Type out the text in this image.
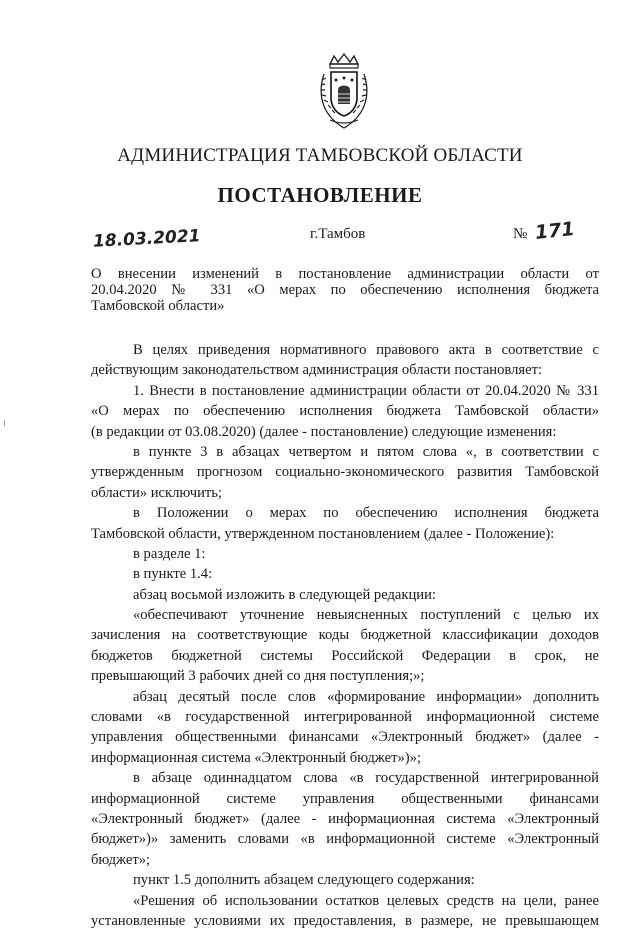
АДМИНИСТРАЦИЯ ТАМБОВСКОЙ ОБЛАСТИ
ПОСТАНОВЛЕНИЕ
18.03.2021	г.Тамбов	№ 171
О внесении изменений в постановление администрации области от
20.04.2020 № 331 «О мерах по обеспечению исполнения бюджета
Тамбовской области»
В целях приведения нормативного правового акта в соответствие с
действующим законодательством администрация области постановляет:
1. Внести в постановление администрации области от 20.04.2020 № 331
«О мерах по обеспечению исполнения бюджета Тамбовской области»
(в редакции от 03.08.2020) (далее - постановление) следующие изменения:
в пункте 3 в абзацах четвертом и пятом слова «, в соответствии с
утвержденным прогнозом социально-экономического развития Тамбовской
области» исключить;
в Положении о мерах по обеспечению исполнения бюджета
Тамбовской области, утвержденном постановлением (далее - Положение):
в разделе 1:
в пункте 1.4:
абзац восьмой изложить в следующей редакции:
«обеспечивают уточнение невыясненных поступлений с целью их
зачисления на соответствующие коды бюджетной классификации доходов
бюджетов бюджетной системы Российской Федерации в срок, не
превышающий 3 рабочих дней со дня поступления;»;
абзац десятый после слов «формирование информации» дополнить
словами «в государственной интегрированной информационной системе
управления общественными финансами «Электронный бюджет» (далее -
информационная система «Электронный бюджет»)»;
в абзаце одиннадцатом слова «в государственной интегрированной
информационной системе управления общественными финансами
«Электронный бюджет» (далее - информационная система «Электронный
бюджет»)» заменить словами «в информационной системе «Электронный
бюджет»;
пункт 1.5 дополнить абзацем следующего содержания:
«Решения об использовании остатков целевых средств на цели, ранее
установленные условиями их предоставления, в размере, не превышающем
